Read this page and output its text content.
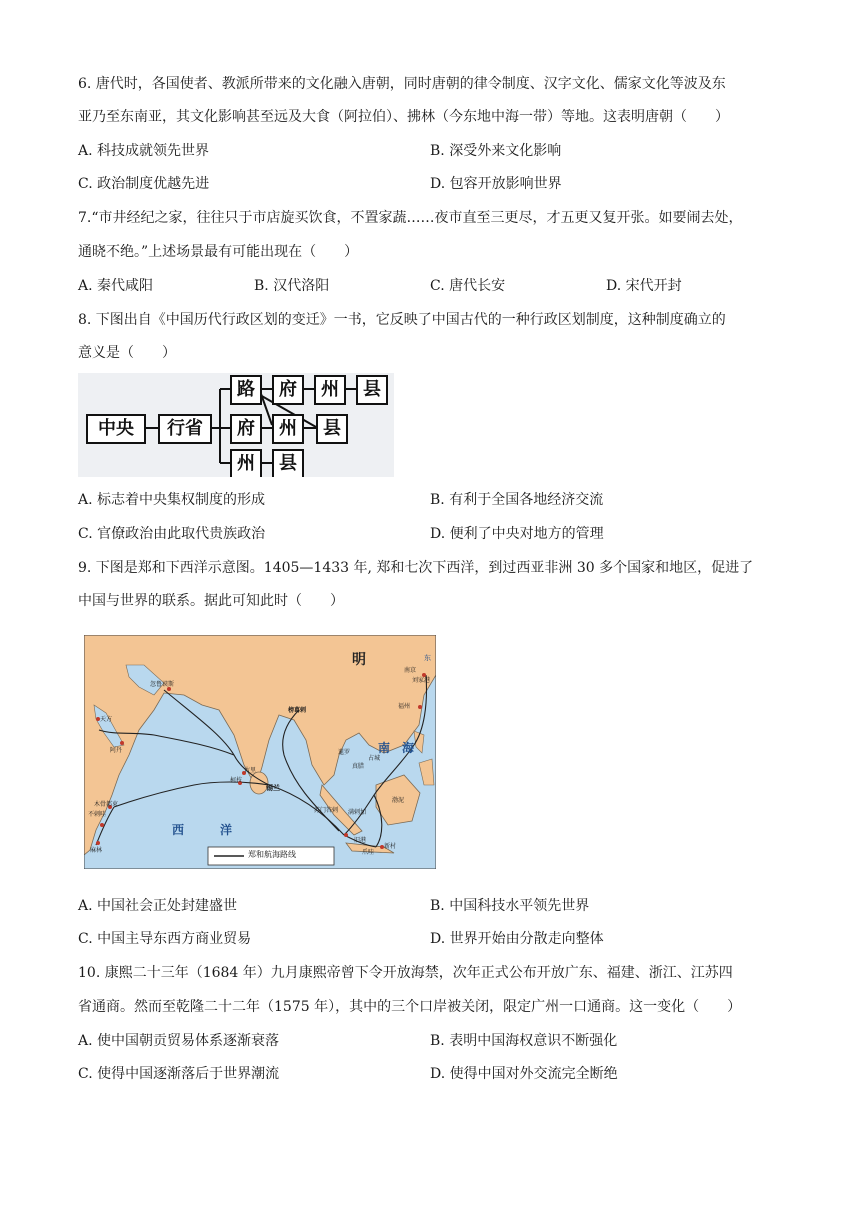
6. 唐代时，各国使者、教派所带来的文化融入唐朝，同时唐朝的律令制度、汉字文化、儒家文化等波及东
亚乃至东南亚，其文化影响甚至远及大食（阿拉伯）、拂林（今东地中海一带）等地。这表明唐朝（　　）
A. 科技成就领先世界	B. 深受外来文化影响
C. 政治制度优越先进	D. 包容开放影响世界
7.“市井经纪之家，往往只于市店旋买饮食，不置家蔬……夜市直至三更尽，才五更又复开张。如要闹去处，
通晓不绝。”上述场景最有可能出现在（　　）
A. 秦代咸阳	B. 汉代洛阳	C. 唐代长安	D. 宋代开封
8. 下图出自《中国历代行政区划的变迁》一书，它反映了中国古代的一种行政区划制度，这种制度确立的
意义是（　　）
中央	行省
路	府	州	县
府	州	县
州	县
A. 标志着中央集权制度的形成	B. 有利于全国各地经济交流
C. 官僚政治由此取代贵族政治	D. 便利了中央对地方的管理
9. 下图是郑和下西洋示意图。1405—1433 年, 郑和七次下西洋，到过西亚非洲 30 多个国家和地区，促进了
中国与世界的联系。据此可知此时（　　）
明
南　海
西　　　洋
郑和航海路线
忽鲁谟斯
天方
阿丹
木骨都束
不刺哇
麻林
古里
柯枝
锡兰
榜葛剌
满剌加
苏门答剌
旧港
爪哇
新村
暹罗
真腊
占城
渤泥
南京
刘家港
福州
东
A. 中国社会正处封建盛世	B. 中国科技水平领先世界
C. 中国主导东西方商业贸易	D. 世界开始由分散走向整体
10. 康熙二十三年（1684 年）九月康熙帝曾下令开放海禁，次年正式公布开放广东、福建、浙江、江苏四
省通商。然而至乾隆二十二年（1575 年），其中的三个口岸被关闭，限定广州一口通商。这一变化（　　）
A. 使中国朝贡贸易体系逐渐衰落	B. 表明中国海权意识不断强化
C. 使得中国逐渐落后于世界潮流	D. 使得中国对外交流完全断绝
